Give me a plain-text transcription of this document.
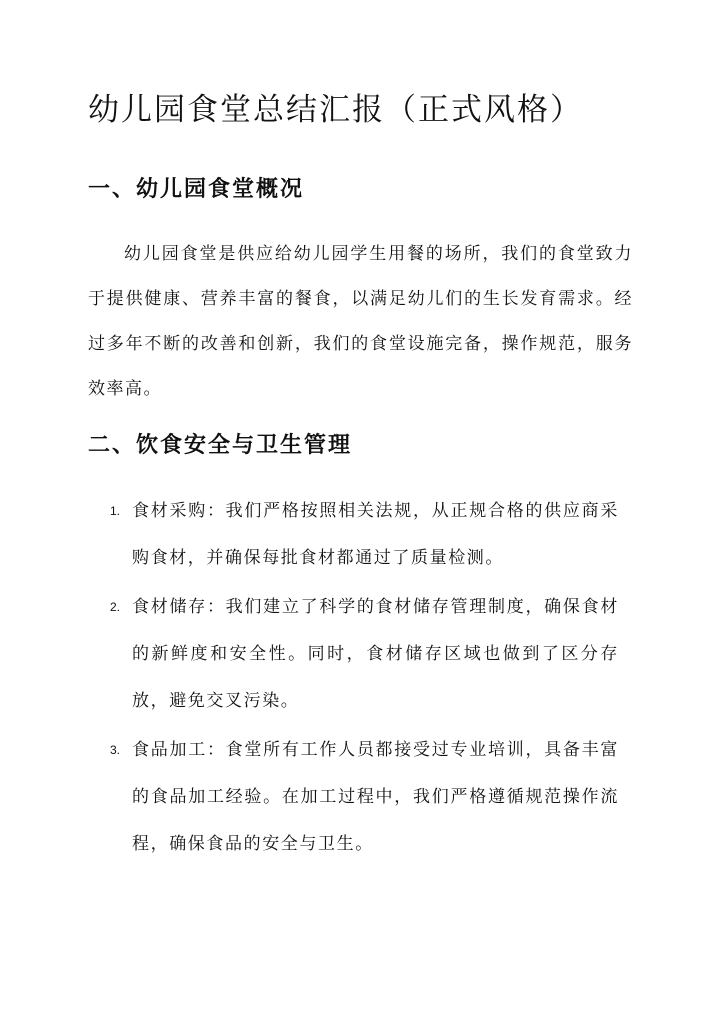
幼儿园食堂总结汇报（正式风格）
一、幼儿园食堂概况

幼儿园食堂是供应给幼儿园学生用餐的场所，我们的食堂致力于提供健康、营养丰富的餐食，以满足幼儿们的生长发育需求。经过多年不断的改善和创新，我们的食堂设施完备，操作规范，服务效率高。

二、饮食安全与卫生管理
1. 食材采购：我们严格按照相关法规，从正规合格的供应商采购食材，并确保每批食材都通过了质量检测。

2. 食材储存：我们建立了科学的食材储存管理制度，确保食材的新鲜度和安全性。同时，食材储存区域也做到了区分存放，避免交叉污染。

3. 食品加工：食堂所有工作人员都接受过专业培训，具备丰富的食品加工经验。在加工过程中，我们严格遵循规范操作流程，确保食品的安全与卫生。
